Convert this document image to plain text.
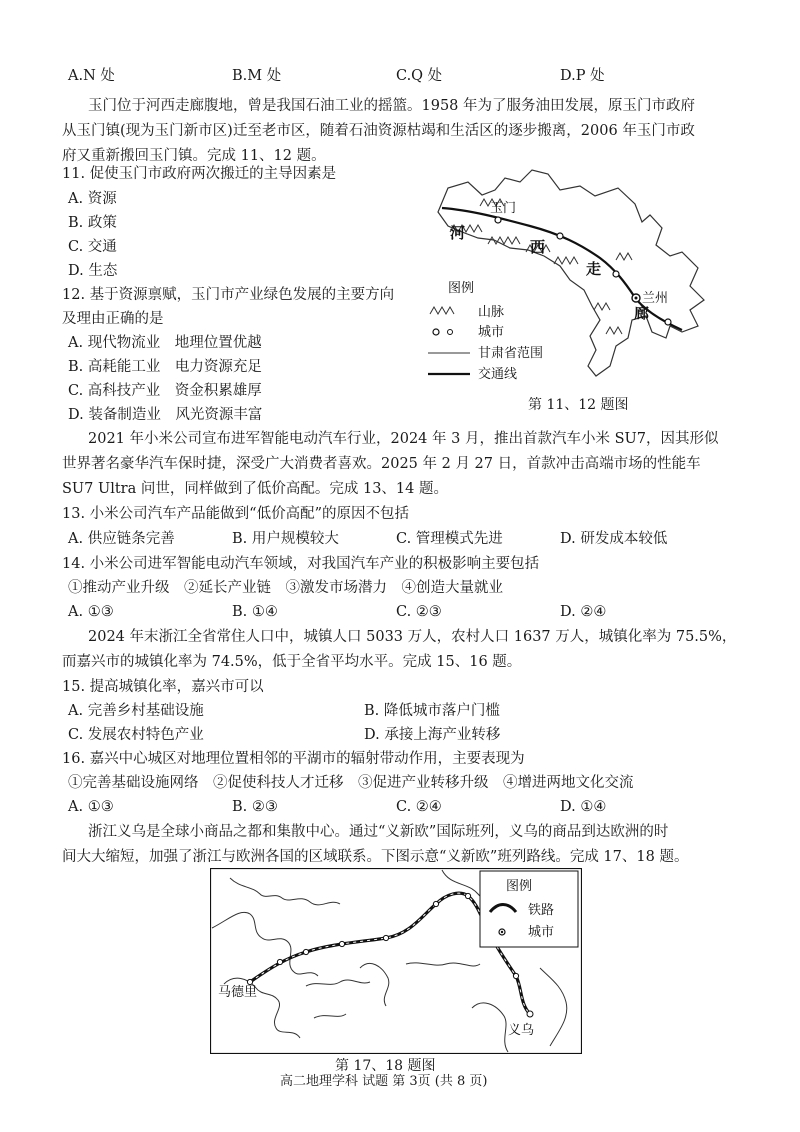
A.N 处	B.M 处	C.Q 处	D.P 处
玉门位于河西走廊腹地，曾是我国石油工业的摇篮。1958 年为了服务油田发展，原玉门市政府
从玉门镇(现为玉门新市区)迁至老市区，随着石油资源枯竭和生活区的逐步搬离，2006 年玉门市政
府又重新搬回玉门镇。完成 11、12 题。
11. 促使玉门市政府两次搬迁的主导因素是
A. 资源
B. 政策
C. 交通
D. 生态
12. 基于资源禀赋，玉门市产业绿色发展的主要方向
及理由正确的是
A. 现代物流业　地理位置优越
B. 高耗能工业　电力资源充足
C. 高科技产业　资金积累雄厚
D. 装备制造业　风光资源丰富
玉门
河
西
走
廊
兰州
图例
山脉
城市
甘肃省范围
交通线
第 11、12 题图
2021 年小米公司宣布进军智能电动汽车行业，2024 年 3 月，推出首款汽车小米 SU7，因其形似
世界著名豪华汽车保时捷，深受广大消费者喜欢。2025 年 2 月 27 日，首款冲击高端市场的性能车
SU7 Ultra 问世，同样做到了低价高配。完成 13、14 题。
13. 小米公司汽车产品能做到“低价高配”的原因不包括
A. 供应链条完善	B. 用户规模较大	C. 管理模式先进	D. 研发成本较低
14. 小米公司进军智能电动汽车领域，对我国汽车产业的积极影响主要包括
①推动产业升级　②延长产业链　③激发市场潜力　④创造大量就业
A. ①③	B. ①④	C. ②③	D. ②④
2024 年末浙江全省常住人口中，城镇人口 5033 万人，农村人口 1637 万人，城镇化率为 75.5%，
而嘉兴市的城镇化率为 74.5%，低于全省平均水平。完成 15、16 题。
15. 提高城镇化率，嘉兴市可以
A. 完善乡村基础设施	B. 降低城市落户门槛
C. 发展农村特色产业	D. 承接上海产业转移
16. 嘉兴中心城区对地理位置相邻的平湖市的辐射带动作用，主要表现为
①完善基础设施网络　②促使科技人才迁移　③促进产业转移升级　④增进两地文化交流
A. ①③	B. ②③	C. ②④	D. ①④
浙江义乌是全球小商品之都和集散中心。通过“义新欧”国际班列，义乌的商品到达欧洲的时
间大大缩短，加强了浙江与欧洲各国的区域联系。下图示意“义新欧”班列路线。完成 17、18 题。
马德里
义乌
图例
铁路
城市
第 17、18 题图
高二地理学科 试题 第 3页 (共 8 页)
